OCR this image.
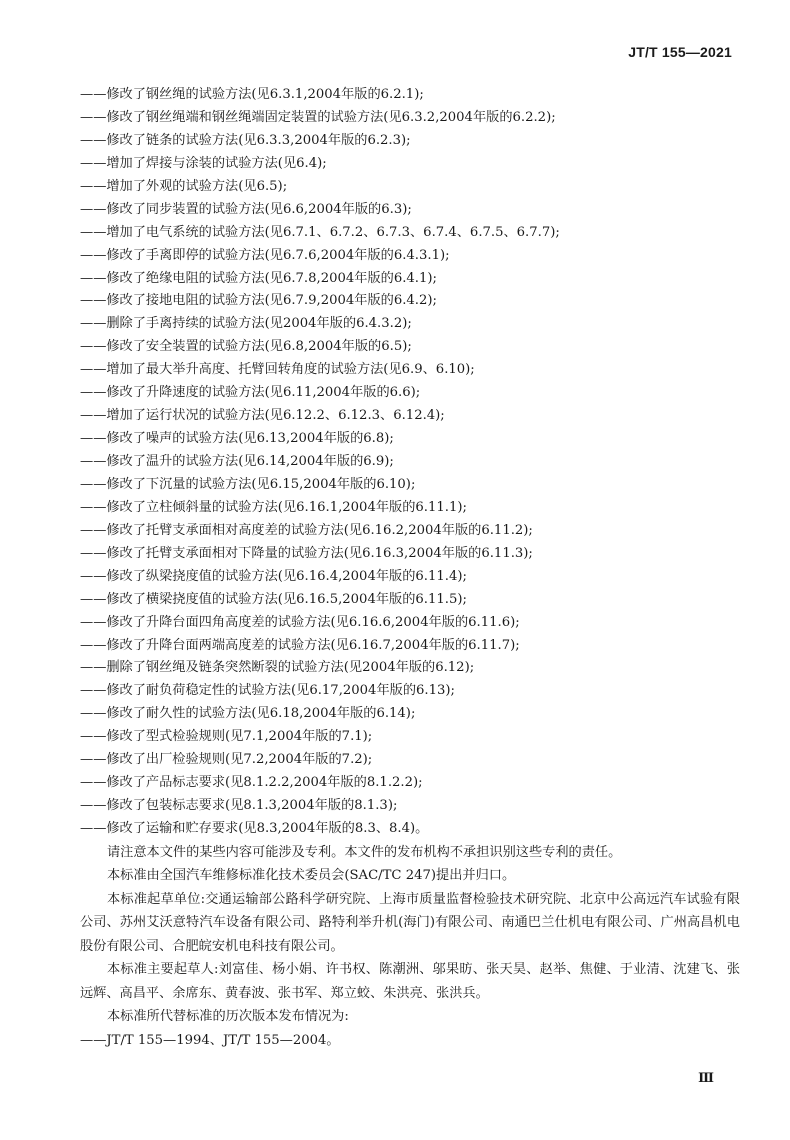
JT/T 155—2021
——修改了钢丝绳的试验方法(见6.3.1,2004年版的6.2.1);
——修改了钢丝绳端和钢丝绳端固定装置的试验方法(见6.3.2,2004年版的6.2.2);
——修改了链条的试验方法(见6.3.3,2004年版的6.2.3);
——增加了焊接与涂装的试验方法(见6.4);
——增加了外观的试验方法(见6.5);
——修改了同步装置的试验方法(见6.6,2004年版的6.3);
——增加了电气系统的试验方法(见6.7.1、6.7.2、6.7.3、6.7.4、6.7.5、6.7.7);
——修改了手离即停的试验方法(见6.7.6,2004年版的6.4.3.1);
——修改了绝缘电阻的试验方法(见6.7.8,2004年版的6.4.1);
——修改了接地电阻的试验方法(见6.7.9,2004年版的6.4.2);
——删除了手离持续的试验方法(见2004年版的6.4.3.2);
——修改了安全装置的试验方法(见6.8,2004年版的6.5);
——增加了最大举升高度、托臂回转角度的试验方法(见6.9、6.10);
——修改了升降速度的试验方法(见6.11,2004年版的6.6);
——增加了运行状况的试验方法(见6.12.2、6.12.3、6.12.4);
——修改了噪声的试验方法(见6.13,2004年版的6.8);
——修改了温升的试验方法(见6.14,2004年版的6.9);
——修改了下沉量的试验方法(见6.15,2004年版的6.10);
——修改了立柱倾斜量的试验方法(见6.16.1,2004年版的6.11.1);
——修改了托臂支承面相对高度差的试验方法(见6.16.2,2004年版的6.11.2);
——修改了托臂支承面相对下降量的试验方法(见6.16.3,2004年版的6.11.3);
——修改了纵梁挠度值的试验方法(见6.16.4,2004年版的6.11.4);
——修改了横梁挠度值的试验方法(见6.16.5,2004年版的6.11.5);
——修改了升降台面四角高度差的试验方法(见6.16.6,2004年版的6.11.6);
——修改了升降台面两端高度差的试验方法(见6.16.7,2004年版的6.11.7);
——删除了钢丝绳及链条突然断裂的试验方法(见2004年版的6.12);
——修改了耐负荷稳定性的试验方法(见6.17,2004年版的6.13);
——修改了耐久性的试验方法(见6.18,2004年版的6.14);
——修改了型式检验规则(见7.1,2004年版的7.1);
——修改了出厂检验规则(见7.2,2004年版的7.2);
——修改了产品标志要求(见8.1.2.2,2004年版的8.1.2.2);
——修改了包装标志要求(见8.1.3,2004年版的8.1.3);
——修改了运输和贮存要求(见8.3,2004年版的8.3、8.4)。

请注意本文件的某些内容可能涉及专利。本文件的发布机构不承担识别这些专利的责任。

本标准由全国汽车维修标准化技术委员会(SAC/TC 247)提出并归口。

本标准起草单位:交通运输部公路科学研究院、上海市质量监督检验技术研究院、北京中公高远汽车试验有限公司、苏州艾沃意特汽车设备有限公司、路特利举升机(海门)有限公司、南通巴兰仕机电有限公司、广州高昌机电股份有限公司、合肥皖安机电科技有限公司。

本标准主要起草人:刘富佳、杨小娟、许书权、陈潮洲、邬果昉、张天昊、赵举、焦健、于业清、沈建飞、张远辉、高昌平、余席东、黄春波、张书军、郑立蛟、朱洪亮、张洪兵。

本标准所代替标准的历次版本发布情况为:

——JT/T 155—1994、JT/T 155—2004。

Ⅲ
